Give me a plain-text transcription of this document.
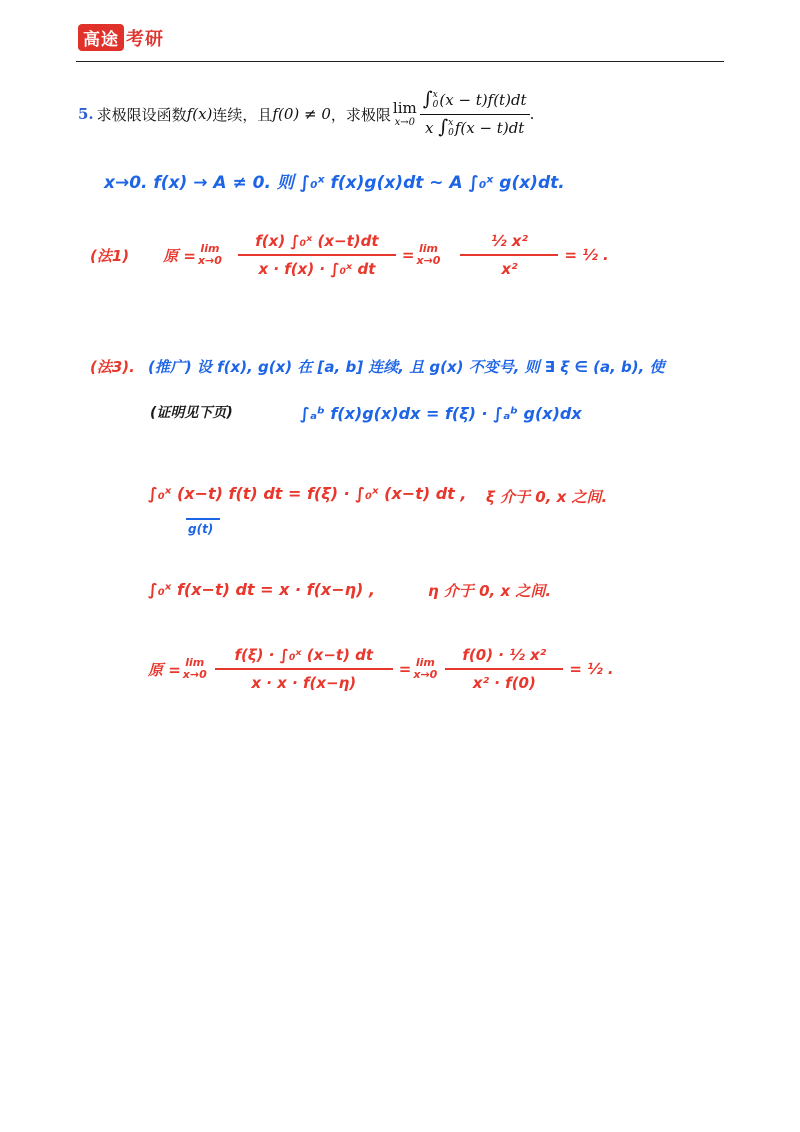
高途 考研
5. 求极限设函数 f(x) 连续，且 f(0) ≠ 0 ，求极限 lim
x→0 ∫ x
0 (x − t)f(t)dt
x ∫ x
0 f(x − t)dt .
x→0. f(x) → A ≠ 0. 则 ∫₀ˣ f(x)g(x)dt ~ A ∫₀ˣ g(x)dt.
(法1) 原 = lim
$x\to 0 \frac{\text{f(x) ∫₀ˣ (x−t)dt}}{\text{x · f(x) · ∫₀ˣ dt}} = \lim$
$x\to 0 \frac{\text{½ x²}}{\text{x²}}$ = ½ .
(法3). (推广) 设 f(x), g(x) 在 [a, b] 连续, 且 g(x) 不变号, 则 ∃ ξ ∈ (a, b), 使
(证明见下页)	∫ₐᵇ f(x)g(x)dx = f(ξ) · ∫ₐᵇ g(x)dx
∫₀ˣ (x−t) f(t) dt = f(ξ) · ∫₀ˣ (x−t) dt , ξ 介于 0, x 之间.
g(t)
∫₀ˣ f(x−t) dt = x · f(x−η) ,	η 介于 0, x 之间.
原 = lim
$x\to 0 \frac{\text{f(ξ) · ∫₀ˣ (x−t) dt}}{x \cdot x \cdot f(x-\eta)} = \lim$
$x\to 0 \frac{\text{f(0) · ½ x²}}{\text{x² · f(0)}}$ = ½ .
